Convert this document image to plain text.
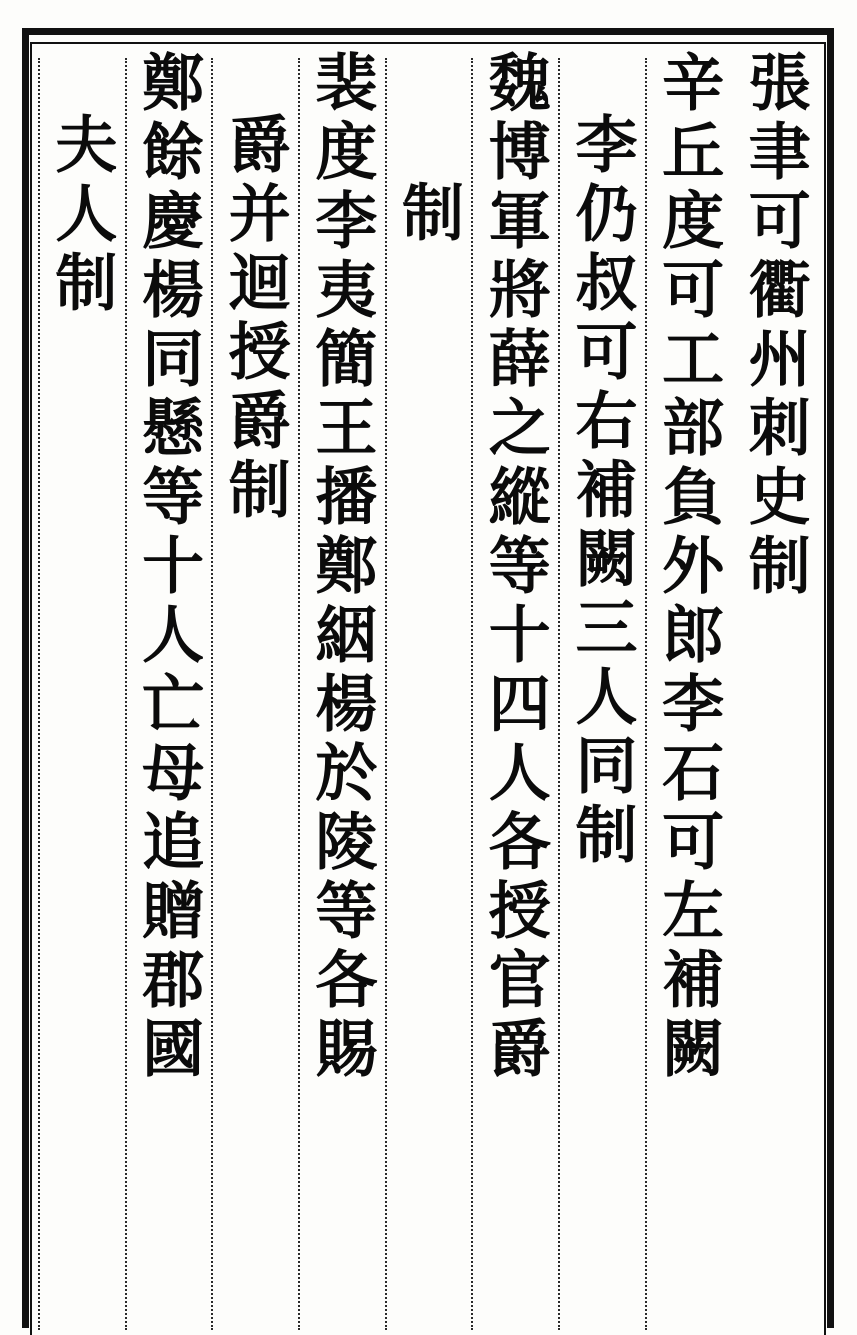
張聿可衢州刺史制
辛丘度可工部負外郎李石可左補闕
李仍叔可右補闕三人同制
魏博軍將薛之縱等十四人各授官爵
制
裴度李夷簡王播鄭絪楊於陵等各賜
爵并迴授爵制
鄭餘慶楊同懸等十人亡母追贈郡國
夫人制
